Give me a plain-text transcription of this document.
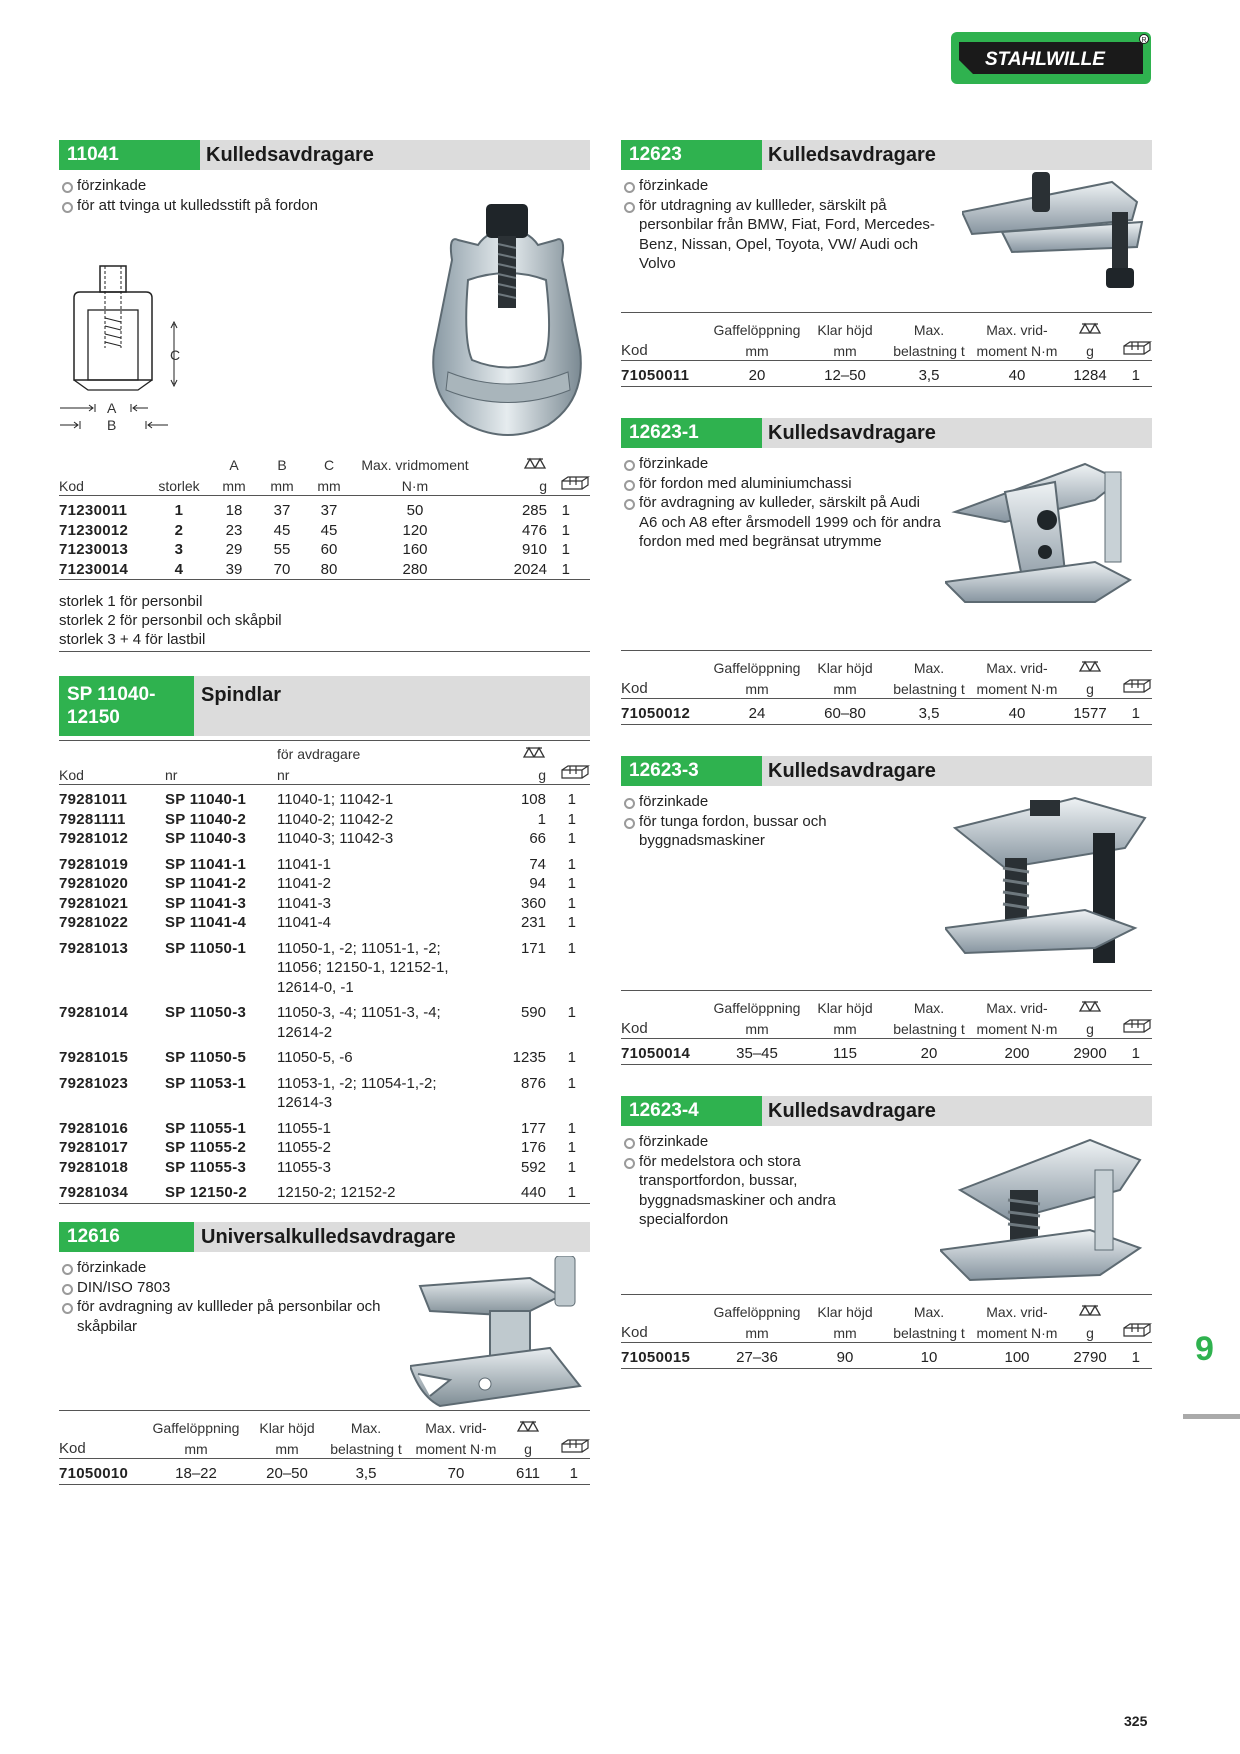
STAHLWILLE
R
11041	Kulledsavdragare
förzinkade
för att tvinga ut kulledsstift på fordon
C
A
B
		A	B	C	Max. vridmoment		
Kod	storlek	mm	mm	mm	N·m	g	

71230011	1	18	37	37	50	285	1
71230012	2	23	45	45	120	476	1
71230013	3	29	55	60	160	910	1
71230014	4	39	70	80	280	2024	1
storlek 1 för personbil
storlek 2 för personbil och skåpbil
storlek 3 + 4 för lastbil
SP 11040-
12150
Spindlar
		för avdragare		
Kod	nr	nr	g	

79281011	SP 11040-1	11040-1; 11042-1	108	1
79281111	SP 11040-2	11040-2; 11042-2	1	1
79281012	SP 11040-3	11040-3; 11042-3	66	1
79281019	SP 11041-1	11041-1	74	1
79281020	SP 11041-2	11041-2	94	1
79281021	SP 11041-3	11041-3	360	1
79281022	SP 11041-4	11041-4	231	1
79281013	SP 11050-1	11050-1, -2; 11051-1, -2;	171	1
		11056; 12150-1, 12152-1,		
		12614-0, -1		
79281014	SP 11050-3	11050-3, -4; 11051-3, -4;	590	1
		12614-2		
79281015	SP 11050-5	11050-5, -6	1235	1
79281023	SP 11053-1	11053-1, -2; 11054-1,-2;	876	1
		12614-3		
79281016	SP 11055-1	11055-1	177	1
79281017	SP 11055-2	11055-2	176	1
79281018	SP 11055-3	11055-3	592	1
79281034	SP 12150-2	12150-2; 12152-2	440	1
12616	Universalkulledsavdragare
förzinkade
DIN/ISO 7803
för avdragning av kullleder på personbilar och skåpbilar
	Gaffelöppning	Klar höjd	Max.	Max. vrid-		
Kod	mm	mm	belastning t	moment N·m	g	

71050010	18–22	20–50	3,5	70	611	1
12623	Kulledsavdragare
förzinkade
för utdragning av kullleder, särskilt på personbilar från BMW, Fiat, Ford, Mercedes-Benz, Nissan, Opel, Toyota, VW/ Audi och Volvo
	Gaffelöppning	Klar höjd	Max.	Max. vrid-		
Kod	mm	mm	belastning t	moment N·m	g	

71050011	20	12–50	3,5	40	1284	1
12623-1	Kulledsavdragare
förzinkade
för fordon med aluminiumchassi
för avdragning av kulleder, särskilt på Audi A6 och A8 efter årsmodell 1999 och för andra fordon med med begränsat utrymme
	Gaffelöppning	Klar höjd	Max.	Max. vrid-		
Kod	mm	mm	belastning t	moment N·m	g	

71050012	24	60–80	3,5	40	1577	1
12623-3	Kulledsavdragare
förzinkade
för tunga fordon, bussar och byggnadsmaskiner
	Gaffelöppning	Klar höjd	Max.	Max. vrid-		
Kod	mm	mm	belastning t	moment N·m	g	

71050014	35–45	115	20	200	2900	1
12623-4	Kulledsavdragare
förzinkade
för medelstora och stora transportfordon, bussar, byggnadsmaskiner och andra specialfordon
	Gaffelöppning	Klar höjd	Max.	Max. vrid-		
Kod	mm	mm	belastning t	moment N·m	g	

71050015	27–36	90	10	100	2790	1 9
325
